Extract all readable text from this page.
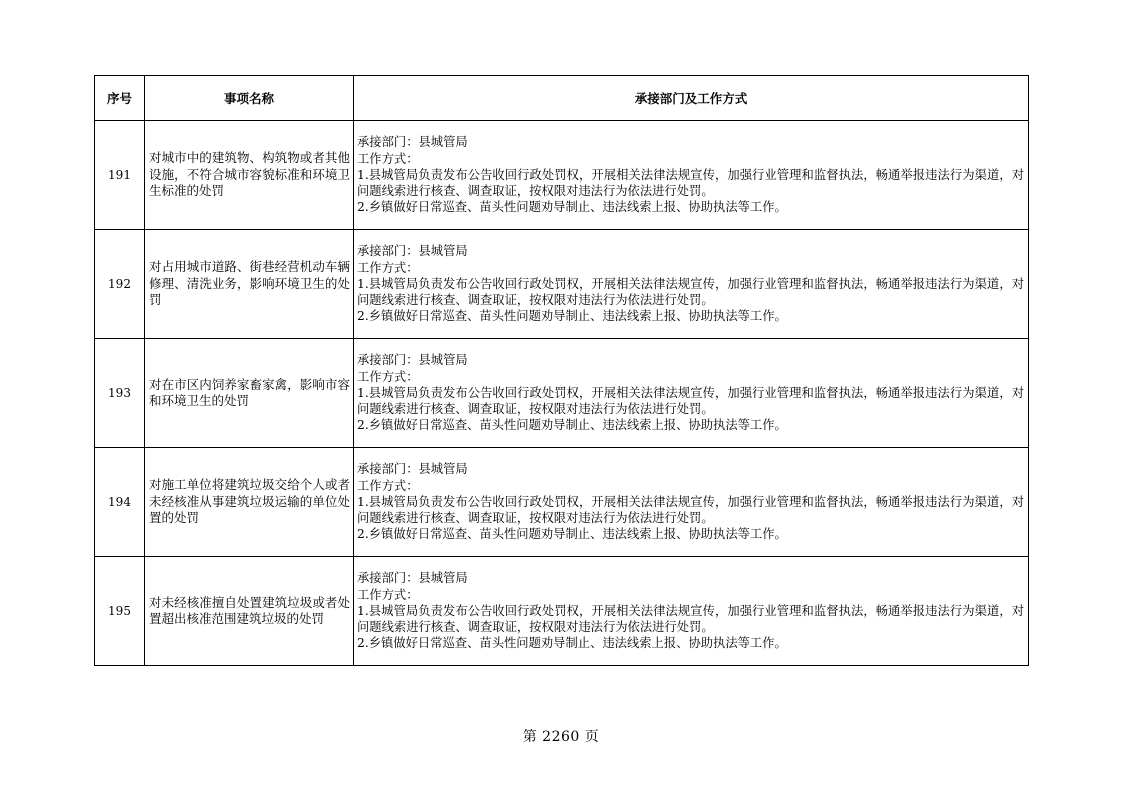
序号	事项名称	承接部门及工作方式
191	对城市中的建筑物、构筑物或者其他设施，不符合城市容貌标准和环境卫生标准的处罚	承接部门：县城管局
工作方式：
1.县城管局负责发布公告收回行政处罚权，开展相关法律法规宣传，加强行业管理和监督执法，畅通举报违法行为渠道，对问题线索进行核查、调查取证，按权限对违法行为依法进行处罚。
2.乡镇做好日常巡查、苗头性问题劝导制止、违法线索上报、协助执法等工作。

192	对占用城市道路、街巷经营机动车辆修理、清洗业务，影响环境卫生的处罚	承接部门：县城管局
工作方式：
1.县城管局负责发布公告收回行政处罚权，开展相关法律法规宣传，加强行业管理和监督执法，畅通举报违法行为渠道，对问题线索进行核查、调查取证，按权限对违法行为依法进行处罚。
2.乡镇做好日常巡查、苗头性问题劝导制止、违法线索上报、协助执法等工作。

193	对在市区内饲养家畜家禽，影响市容和环境卫生的处罚	承接部门：县城管局
工作方式：
1.县城管局负责发布公告收回行政处罚权，开展相关法律法规宣传，加强行业管理和监督执法，畅通举报违法行为渠道，对问题线索进行核查、调查取证，按权限对违法行为依法进行处罚。
2.乡镇做好日常巡查、苗头性问题劝导制止、违法线索上报、协助执法等工作。

194	对施工单位将建筑垃圾交给个人或者未经核准从事建筑垃圾运输的单位处置的处罚	承接部门：县城管局
工作方式：
1.县城管局负责发布公告收回行政处罚权，开展相关法律法规宣传，加强行业管理和监督执法，畅通举报违法行为渠道，对问题线索进行核查、调查取证，按权限对违法行为依法进行处罚。
2.乡镇做好日常巡查、苗头性问题劝导制止、违法线索上报、协助执法等工作。

195	对未经核准擅自处置建筑垃圾或者处置超出核准范围建筑垃圾的处罚	承接部门：县城管局
工作方式：
1.县城管局负责发布公告收回行政处罚权，开展相关法律法规宣传，加强行业管理和监督执法，畅通举报违法行为渠道，对问题线索进行核查、调查取证，按权限对违法行为依法进行处罚。
2.乡镇做好日常巡查、苗头性问题劝导制止、违法线索上报、协助执法等工作。
第 2260 页
